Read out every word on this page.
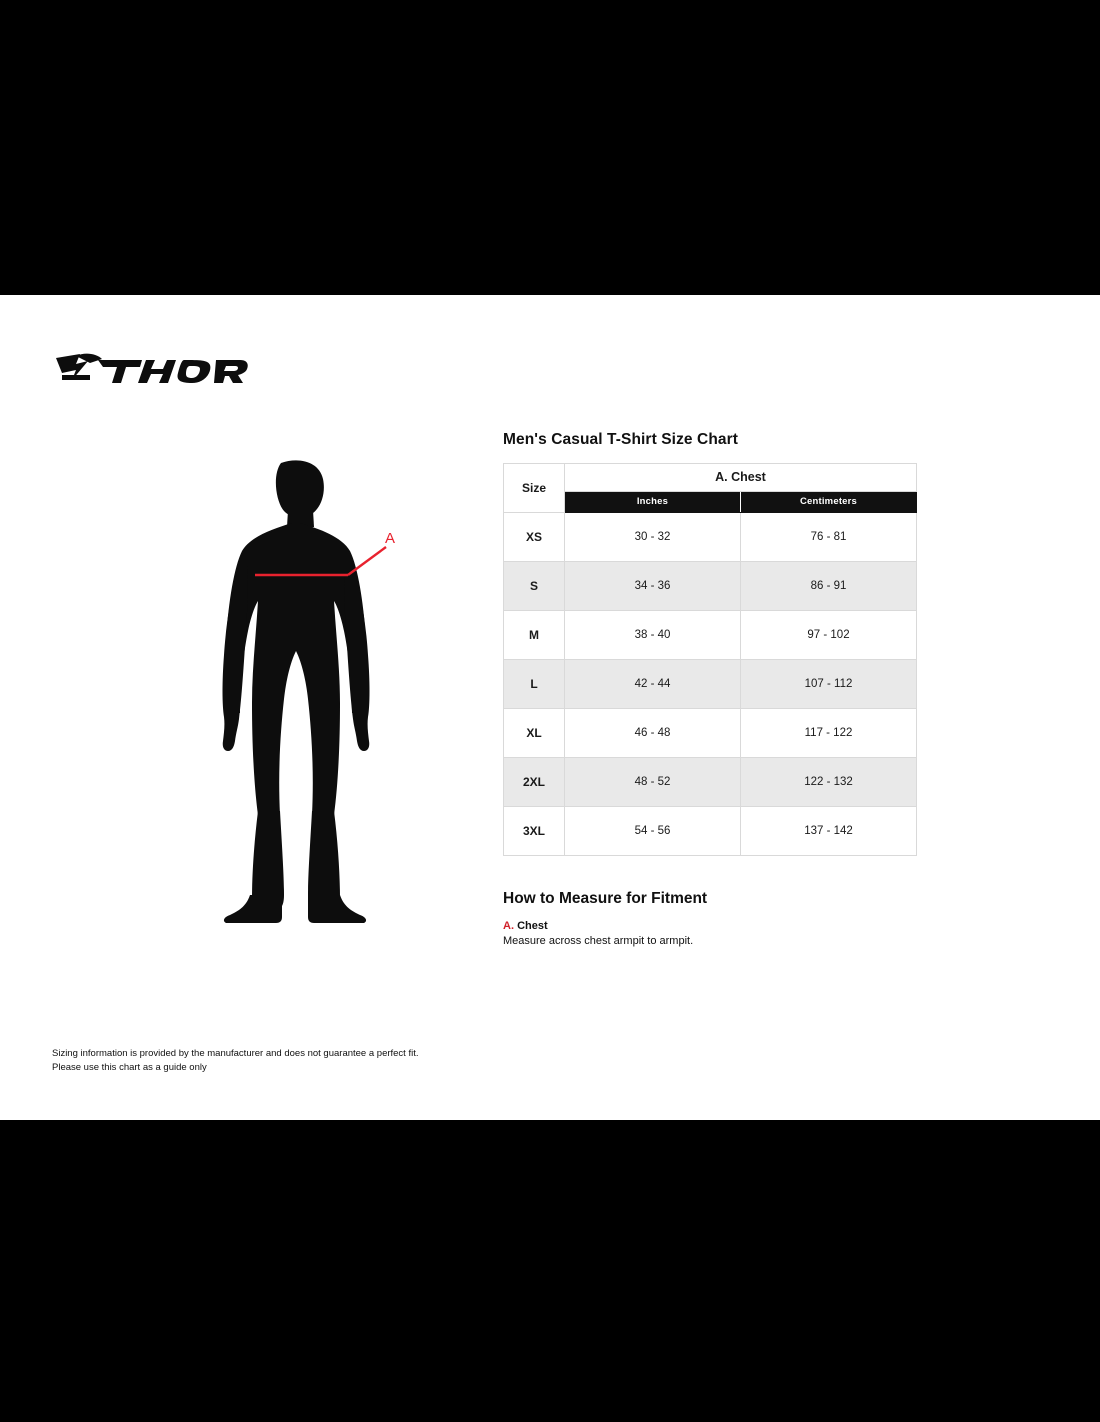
A
Men's Casual T-Shirt Size Chart
Size	A. Chest	
	Inches	Centimeters
XS	30 - 32	76 - 81
S	34 - 36	86 - 91
M	38 - 40	97 - 102
L	42 - 44	107 - 112
XL	46 - 48	117 - 122
2XL	48 - 52	122 - 132
3XL	54 - 56	137 - 142
How to Measure for Fitment

A. Chest

Measure across chest armpit to armpit.

Sizing information is provided by the manufacturer and does not guarantee a perfect fit.
Please use this chart as a guide only
